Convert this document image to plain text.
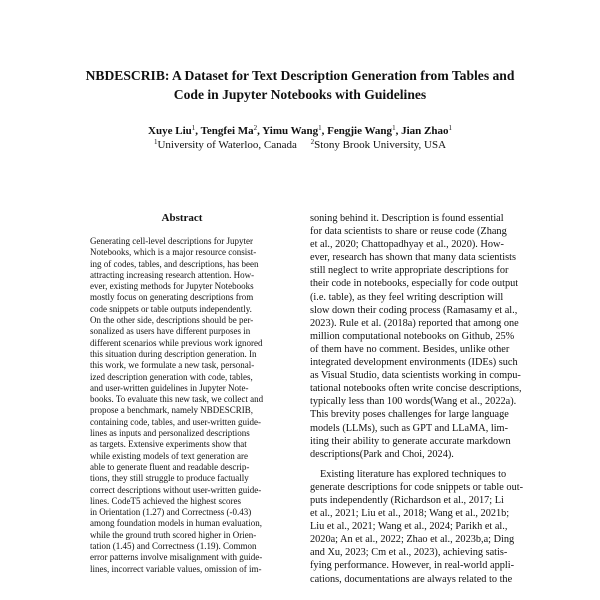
NBDESCRIB: A Dataset for Text Description Generation from Tables and
Code in Jupyter Notebooks with Guidelines
Xuye Liu$^1$, Tengfei Ma$^2$, Yimu Wang$^1$, Fengjie Wang$^1$, Jian Zhao$^1$
$^1$University of Waterloo, Canada $^2$Stony Brook University, USA
Abstract
Generating cell-level descriptions for Jupyter
Notebooks, which is a major resource consist-
ing of codes, tables, and descriptions, has been
attracting increasing research attention. How-
ever, existing methods for Jupyter Notebooks
mostly focus on generating descriptions from
code snippets or table outputs independently.
On the other side, descriptions should be per-
sonalized as users have different purposes in
different scenarios while previous work ignored
this situation during description generation. In
this work, we formulate a new task, personal-
ized description generation with code, tables,
and user-written guidelines in Jupyter Note-
books. To evaluate this new task, we collect and
propose a benchmark, namely NBDESCRIB,
containing code, tables, and user-written guide-
lines as inputs and personalized descriptions
as targets. Extensive experiments show that
while existing models of text generation are
able to generate fluent and readable descrip-
tions, they still struggle to produce factually
correct descriptions without user-written guide-
lines. CodeT5 achieved the highest scores
in Orientation (1.27) and Correctness (-0.43)
among foundation models in human evaluation,
while the ground truth scored higher in Orien-
tation (1.45) and Correctness (1.19). Common
error patterns involve misalignment with guide-
lines, incorrect variable values, omission of im-
soning behind it. Description is found essential
for data scientists to share or reuse code (Zhang
et al., 2020; Chattopadhyay et al., 2020). How-
ever, research has shown that many data scientists
still neglect to write appropriate descriptions for
their code in notebooks, especially for code output
(i.e. table), as they feel writing description will
slow down their coding process (Ramasamy et al.,
2023). Rule et al. (2018a) reported that among one
million computational notebooks on Github, 25%
of them have no comment. Besides, unlike other
integrated development environments (IDEs) such
as Visual Studio, data scientists working in compu-
tational notebooks often write concise descriptions,
typically less than 100 words(Wang et al., 2022a).
This brevity poses challenges for large language
models (LLMs), such as GPT and LLaMA, lim-
iting their ability to generate accurate markdown
descriptions(Park and Choi, 2024).
Existing literature has explored techniques to
generate descriptions for code snippets or table out-
puts independently (Richardson et al., 2017; Li
et al., 2021; Liu et al., 2018; Wang et al., 2021b;
Liu et al., 2021; Wang et al., 2024; Parikh et al.,
2020a; An et al., 2022; Zhao et al., 2023b,a; Ding
and Xu, 2023; Cm et al., 2023), achieving satis-
fying performance. However, in real-world appli-
cations, documentations are always related to the
